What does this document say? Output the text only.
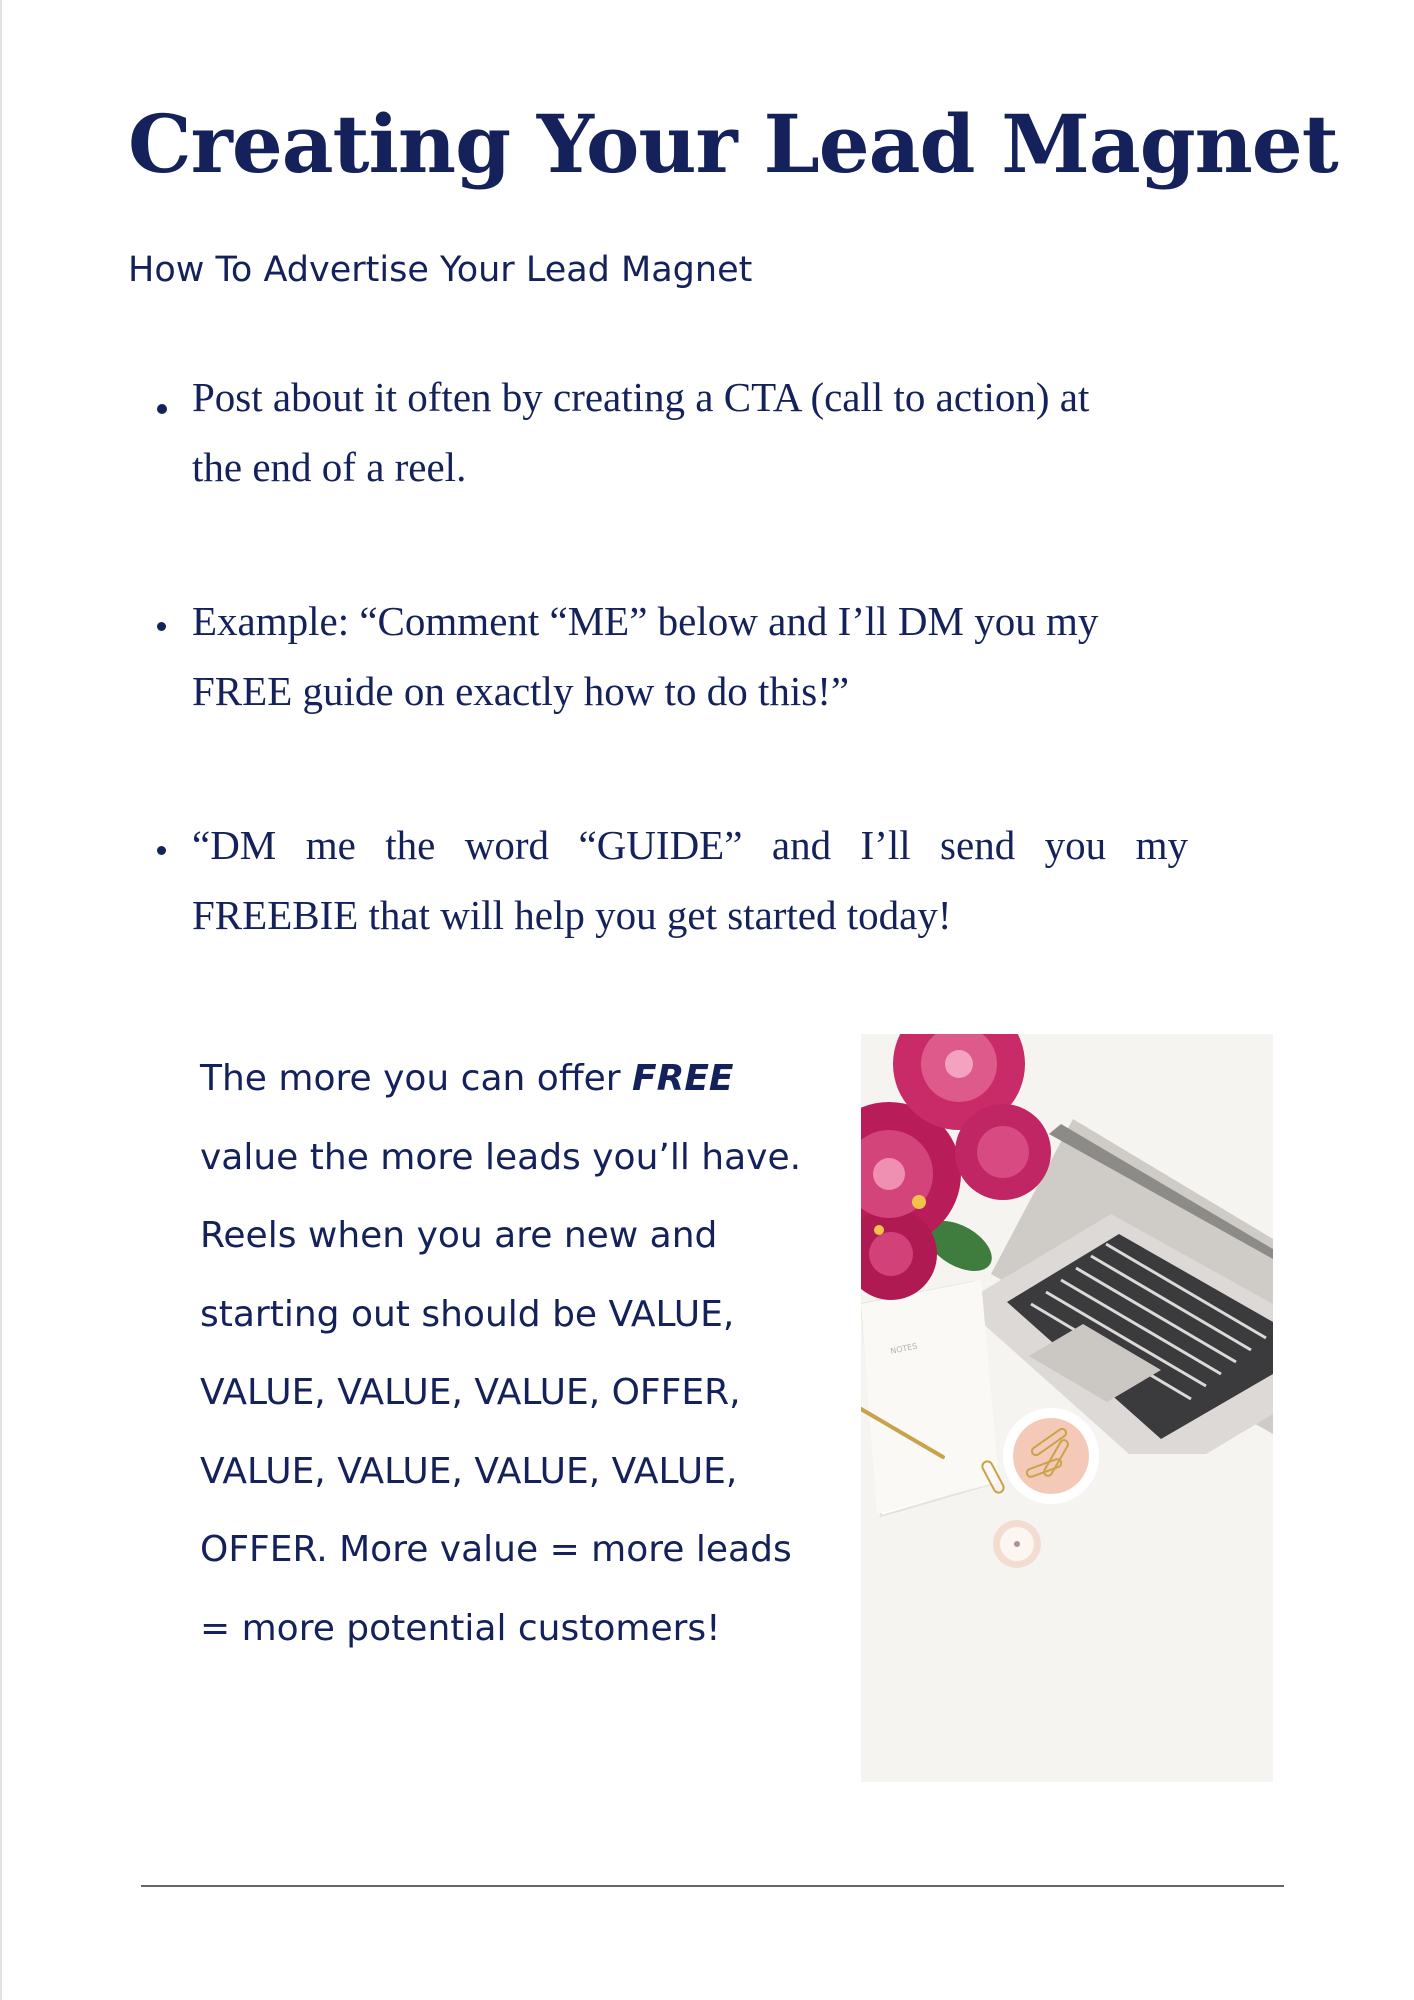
Creating Your Lead Magnet
How To Advertise Your Lead Magnet
Post about it often by creating a CTA (call to action) at
the end of a reel.
Example: “Comment “ME” below and I’ll DM you my
FREE guide on exactly how to do this!”
“DM me the word “GUIDE” and I’ll send you my
FREEBIE that will help you get started today!

The more you can offer FREE value the more leads you’ll have. Reels when you are new and starting out should be VALUE, VALUE, VALUE, VALUE, OFFER, VALUE, VALUE, VALUE, VALUE, OFFER. More value = more leads = more potential customers!

NOTES
